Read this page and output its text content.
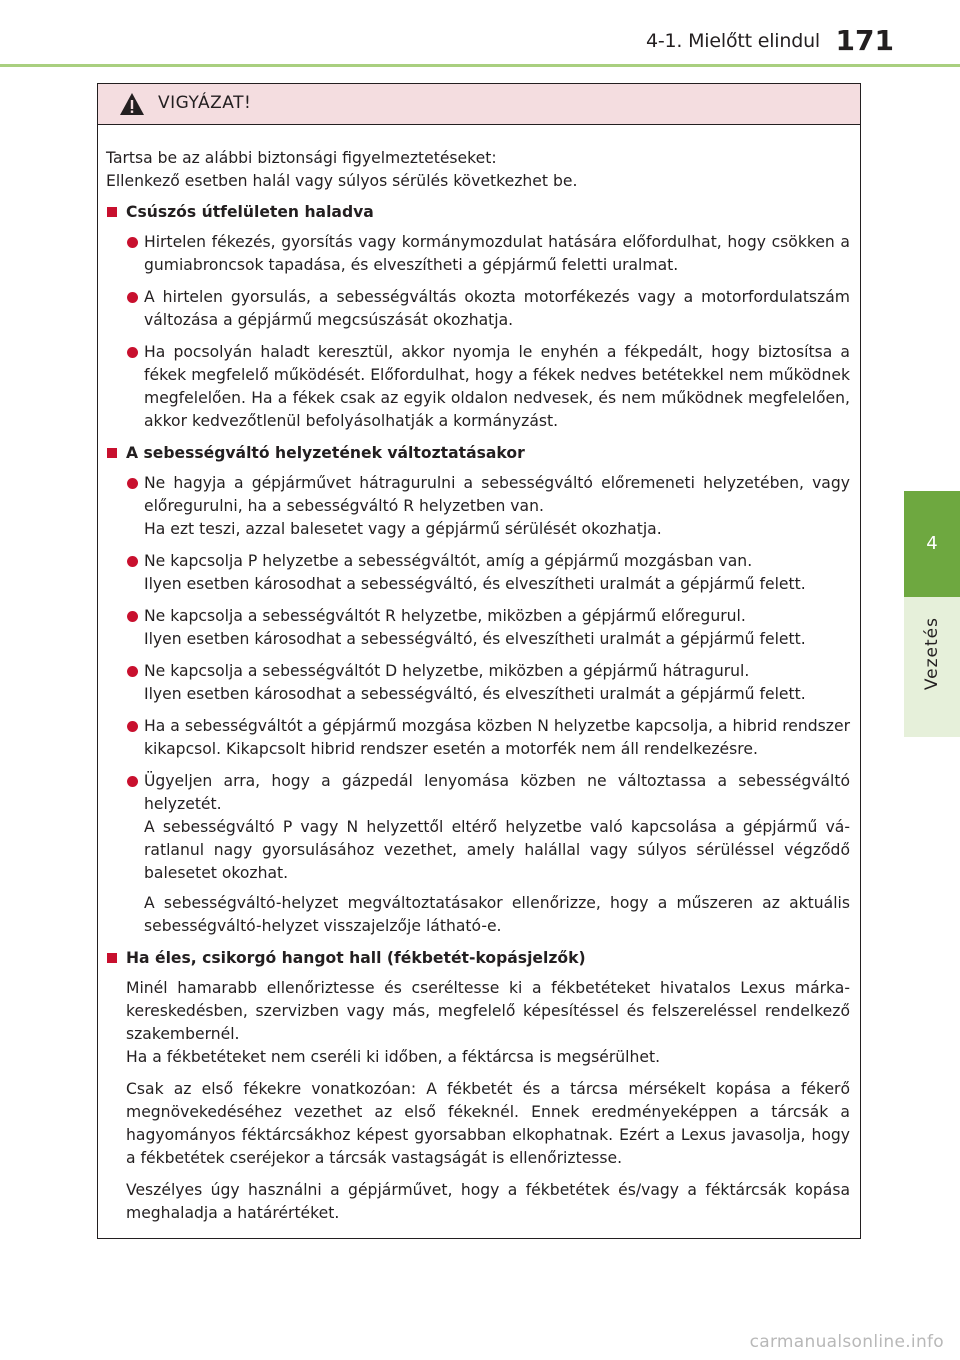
4-1. Mielőtt elindul 171
4
Vezetés
VIGYÁZAT!
Tartsa be az alábbi biztonsági figyelmeztetéseket:
Ellenkező esetben halál vagy súlyos sérülés következhet be.
Csúszós útfelületen haladva

Hirtelen fékezés, gyorsítás vagy kormánymozdulat hatására előfordulhat, hogy csökken a gumiabroncsok tapadása, és elveszítheti a gépjármű feletti uralmat.

A hirtelen gyorsulás, a sebességváltás okozta motorfékezés vagy a motorfordulatszám változása a gépjármű megcsúszását okozhatja.

Ha pocsolyán haladt keresztül, akkor nyomja le enyhén a fékpedált, hogy biztosítsa a fékek megfelelő működését. Előfordulhat, hogy a fékek nedves betétekkel nem működnek megfelelően. Ha a fékek csak az egyik oldalon nedvesek, és nem működnek megfelelően, akkor kedvezőtlenül befolyásolhatják a kormányzást.

A sebességváltó helyzetének változtatásakor

Ne hagyja a gépjárművet hátragurulni a sebességváltó előremeneti helyzetében, vagy előregurulni, ha a sebességváltó R helyzetben van.

Ha ezt teszi, azzal balesetet vagy a gépjármű sérülését okozhatja.

Ne kapcsolja P helyzetbe a sebességváltót, amíg a gépjármű mozgásban van.

Ilyen esetben károsodhat a sebességváltó, és elveszítheti uralmát a gépjármű felett.

Ne kapcsolja a sebességváltót R helyzetbe, miközben a gépjármű előregurul.

Ilyen esetben károsodhat a sebességváltó, és elveszítheti uralmát a gépjármű felett.

Ne kapcsolja a sebességváltót D helyzetbe, miközben a gépjármű hátragurul.

Ilyen esetben károsodhat a sebességváltó, és elveszítheti uralmát a gépjármű felett.

Ha a sebességváltót a gépjármű mozgása közben N helyzetbe kapcsolja, a hibrid rendszer kikapcsol. Kikapcsolt hibrid rendszer esetén a motorfék nem áll rendelkezésre.

Ügyeljen arra, hogy a gázpedál lenyomása közben ne változtassa a sebességváltó helyzetét.

A sebességváltó P vagy N helyzettől eltérő helyzetbe való kapcsolása a gépjármű váratlanul nagy gyorsulásához vezethet, amely halállal vagy súlyos sérüléssel végződő balesetet okozhat.

A sebességváltó-helyzet megváltoztatásakor ellenőrizze, hogy a műszeren az aktuális sebességváltó-helyzet visszajelzője látható-e.

Ha éles, csikorgó hangot hall (fékbetét-kopásjelzők)

Minél hamarabb ellenőriztesse és cseréltesse ki a fékbetéteket hivatalos Lexus márkakereskedésben, szervizben vagy más, megfelelő képesítéssel és felszereléssel rendelkező szakembernél.

Ha a fékbetéteket nem cseréli ki időben, a féktárcsa is megsérülhet.

Csak az első fékekre vonatkozóan: A fékbetét és a tárcsa mérsékelt kopása a fékerő megnövekedéséhez vezethet az első fékeknél. Ennek eredményeképpen a tárcsák a hagyományos féktárcsákhoz képest gyorsabban elkophatnak. Ezért a Lexus javasolja, hogy a fékbetétek cseréjekor a tárcsák vastagságát is ellenőriztesse.

Veszélyes úgy használni a gépjárművet, hogy a fékbetétek és/vagy a féktárcsák kopása meghaladja a határértéket.

carmanualsonline.info
